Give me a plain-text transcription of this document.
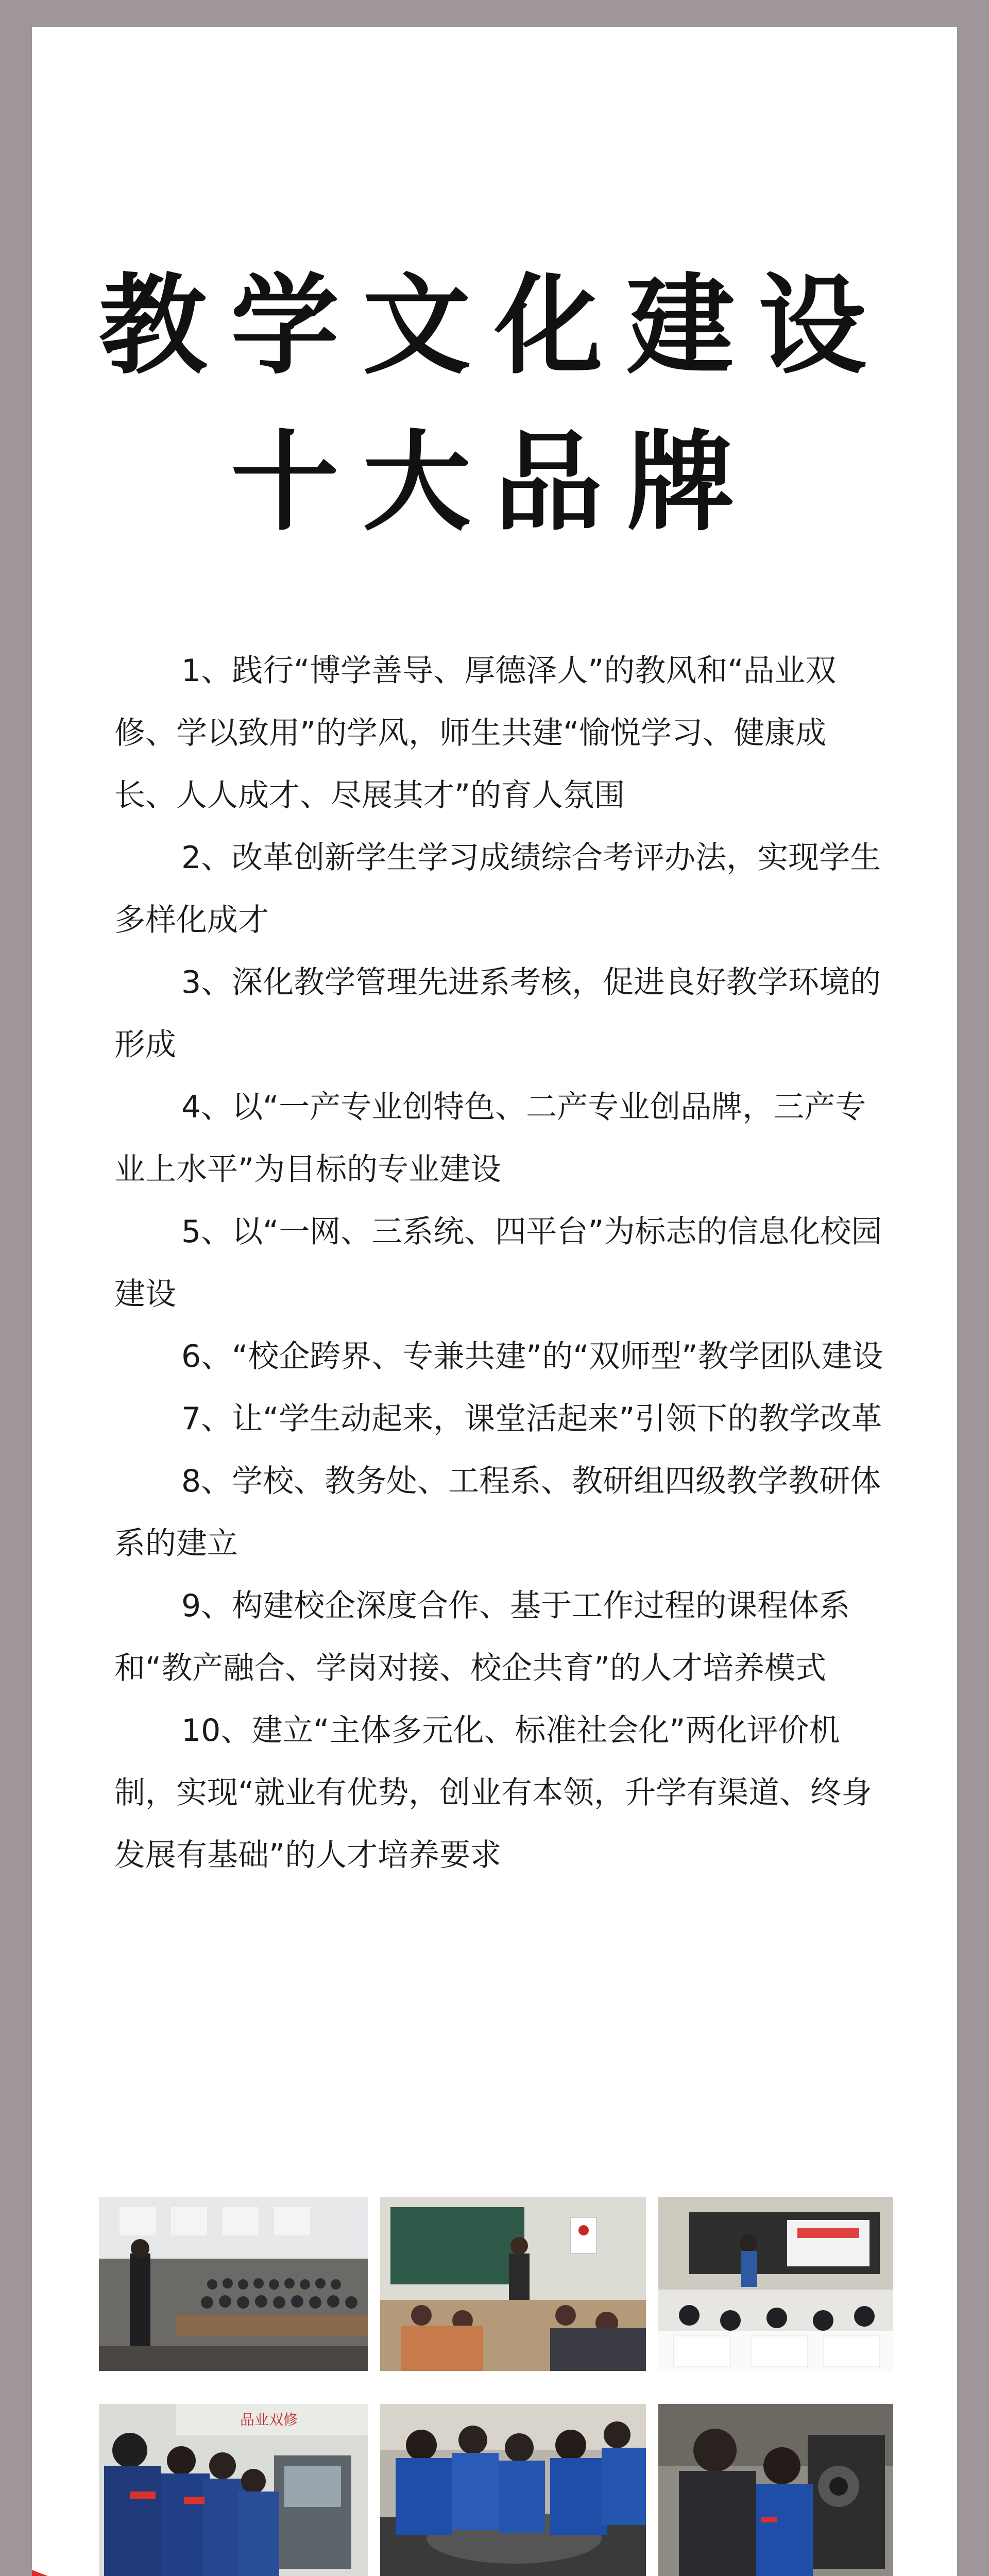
教学文化建设
十大品牌
1、践行“博学善导、厚德泽人”的教风和“品业双修、学以致用”的学风，师生共建“愉悦学习、健康成长、人人成才、尽展其才”的育人氛围
2、改革创新学生学习成绩综合考评办法，实现学生多样化成才
3、深化教学管理先进系考核，促进良好教学环境的形成
4、以“一产专业创特色、二产专业创品牌，三产专业上水平”为目标的专业建设
5、以“一网、三系统、四平台”为标志的信息化校园建设
6、“校企跨界、专兼共建”的“双师型”教学团队建设
7、让“学生动起来，课堂活起来”引领下的教学改革
8、学校、教务处、工程系、教研组四级教学教研体系的建立
9、构建校企深度合作、基于工作过程的课程体系和“教产融合、学岗对接、校企共育”的人才培养模式
10、建立“主体多元化、标准社会化”两化评价机制，实现“就业有优势，创业有本领，升学有渠道、终身发展有基础”的人才培养要求
品业双修
